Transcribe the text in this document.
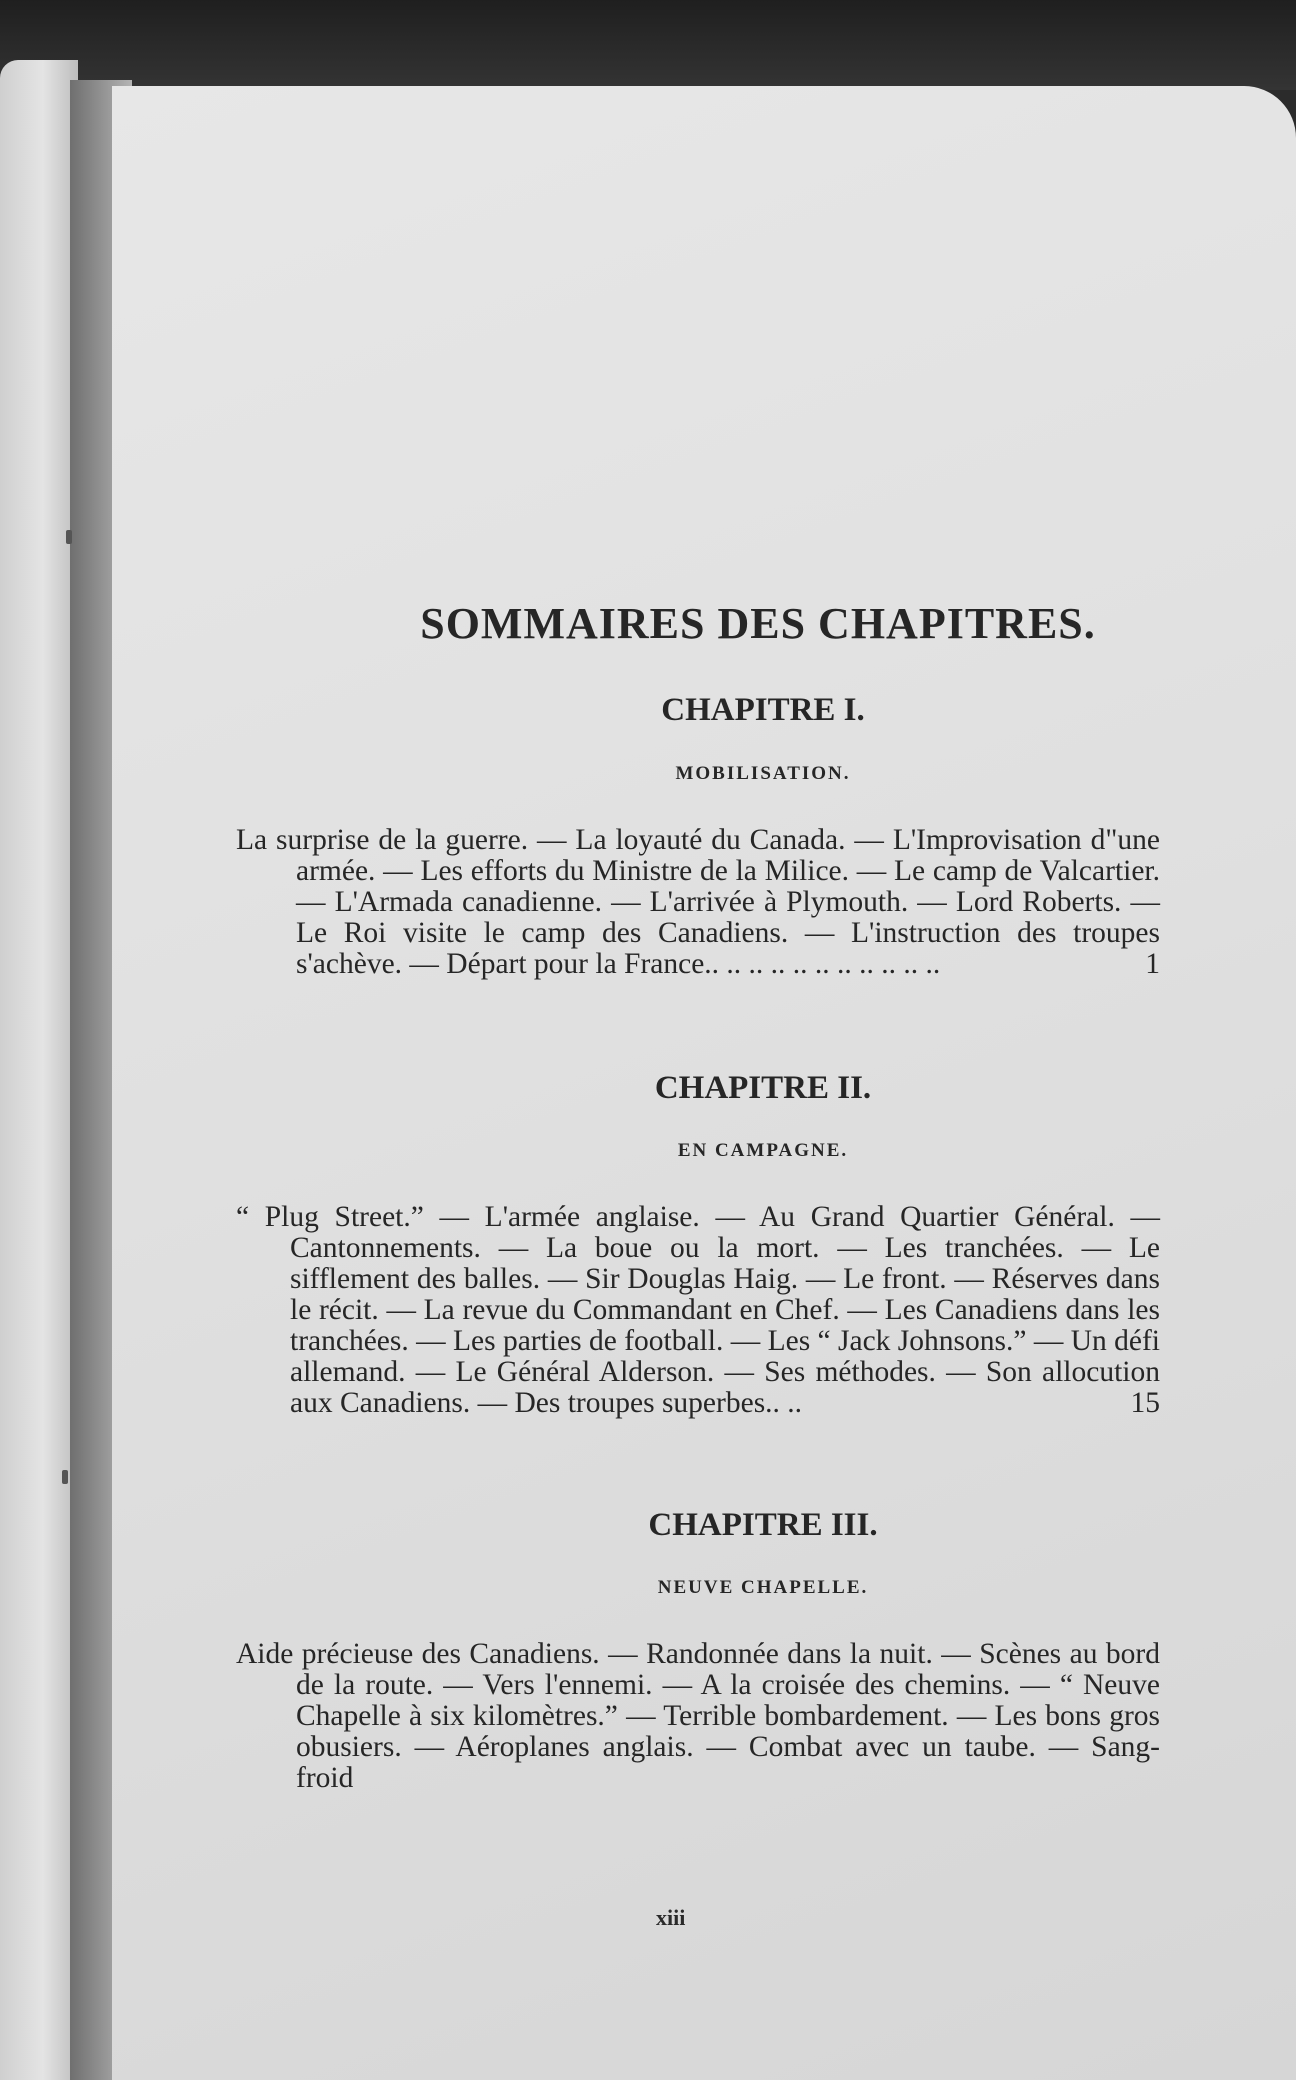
SOMMAIRES DES CHAPITRES.
CHAPITRE I.
MOBILISATION.

La surprise de la guerre. — La loyauté du Canada. — L'Improvisation d"une armée. — Les efforts du Ministre de la Milice. — Le camp de Valcartier. — L'Armada canadienne. — L'arrivée à Plymouth. — Lord Roberts. — Le Roi visite le camp des Canadiens. — L'instruction des troupes s'achève. — Départ pour la France.. .. .. .. .. .. .. .. .. .. ..	1

CHAPITRE II.
EN CAMPAGNE.

“ Plug Street.” — L'armée anglaise. — Au Grand Quartier Général. — Cantonnements. — La boue ou la mort. — Les tranchées. — Le sifflement des balles. — Sir Douglas Haig. — Le front. — Réserves dans le récit. — La revue du Commandant en Chef. — Les Canadiens dans les tranchées. — Les parties de football. — Les “ Jack Johnsons.” — Un défi allemand. — Le Général Alderson. — Ses méthodes. — Son allocution aux Canadiens. — Des troupes superbes.. ..	15

CHAPITRE III.
NEUVE CHAPELLE.

Aide précieuse des Canadiens. — Randonnée dans la nuit. — Scènes au bord de la route. — Vers l'ennemi. — A la croisée des chemins. — “ Neuve Chapelle à six kilomètres.” — Terrible bombardement. — Les bons gros obusiers. — Aéroplanes anglais. — Combat avec un taube. — Sang-froid

xiii
